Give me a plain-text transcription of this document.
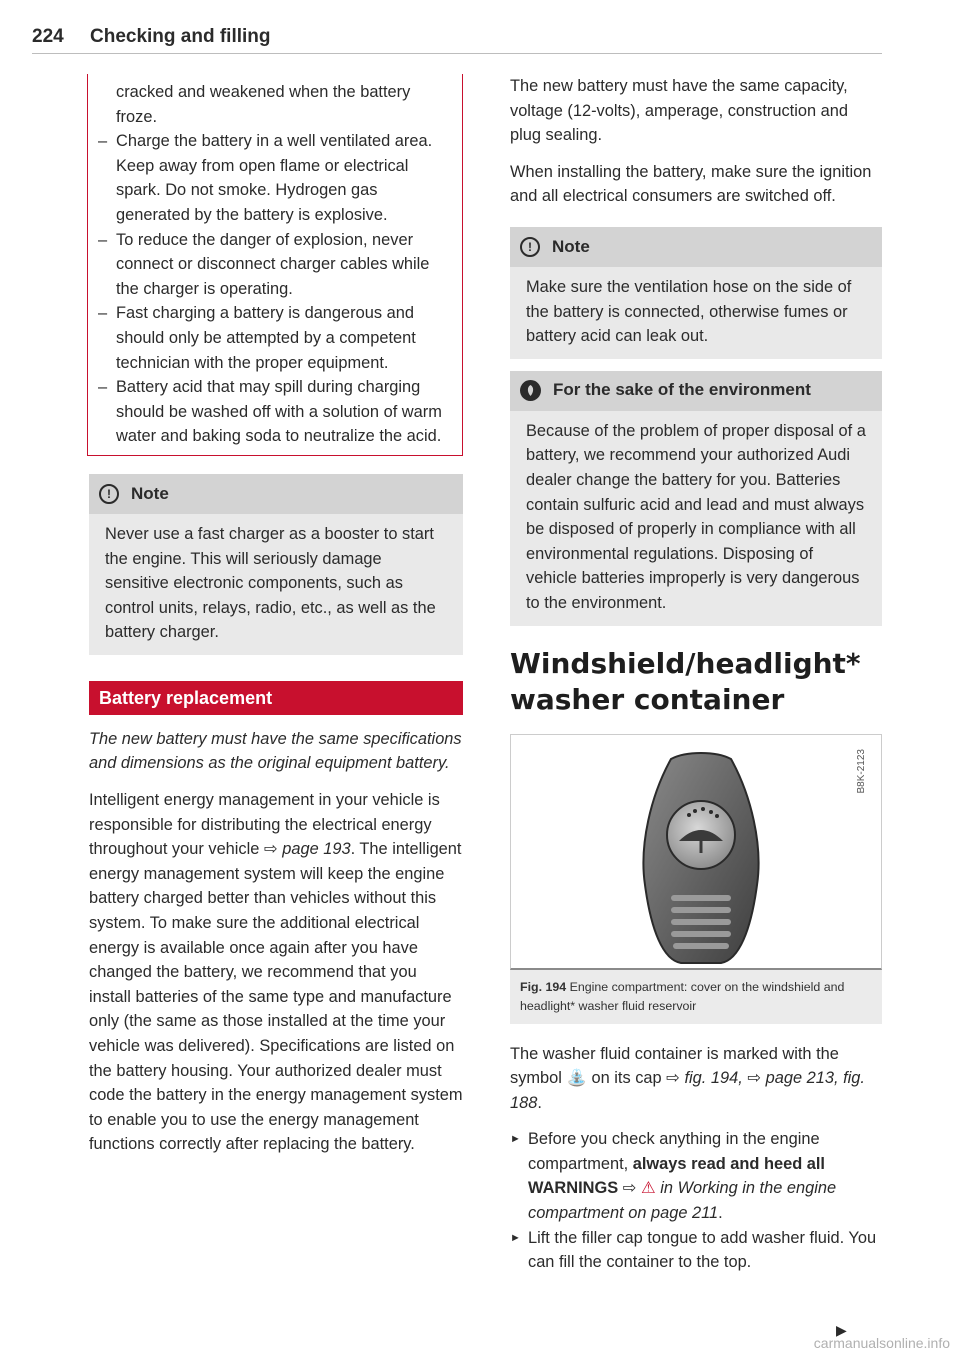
224 Checking and filling

cracked and weakened when the battery froze.

– Charge the battery in a well ventilated area. Keep away from open flame or electrical spark. Do not smoke. Hydrogen gas generated by the battery is explosive.
– To reduce the danger of explosion, never connect or disconnect charger cables while the charger is operating.
– Fast charging a battery is dangerous and should only be attempted by a competent technician with the proper equipment.
– Battery acid that may spill during charging should be washed off with a solution of warm water and baking soda to neutralize the acid.
!	Note

Never use a fast charger as a booster to start the engine. This will seriously damage sensitive electronic components, such as control units, relays, radio, etc., as well as the battery charger.

Battery replacement

The new battery must have the same specifications and dimensions as the original equipment battery.

Intelligent energy management in your vehicle is responsible for distributing the electrical energy throughout your vehicle ⇨ page 193. The intelligent energy management system will keep the engine battery charged better than vehicles without this system. To make sure the additional electrical energy is available once again after you have changed the battery, we recommend that you install batteries of the same type and manufacture only (the same as those installed at the time your vehicle was delivered). Specifications are listed on the battery housing. Your authorized dealer must code the battery in the energy management system to enable you to use the energy management functions correctly after replacing the battery.

The new battery must have the same capacity, voltage (12-volts), amperage, construction and plug sealing.

When installing the battery, make sure the ignition and all electrical consumers are switched off.

!	Note

Make sure the ventilation hose on the side of the battery is connected, otherwise fumes or battery acid can leak out.

For the sake of the environment

Because of the problem of proper disposal of a battery, we recommend your authorized Audi dealer change the battery for you. Batteries contain sulfuric acid and lead and must always be disposed of properly in compliance with all environmental regulations. Disposing of vehicle batteries improperly is very dangerous to the environment.

Windshield/headlight*
washer container
B8K-2123
Fig. 194 Engine compartment: cover on the windshield and headlight* washer fluid reservoir

The washer fluid container is marked with the symbol ⛲ on its cap ⇨ fig. 194, ⇨ page 213, fig. 188.

► Before you check anything in the engine compartment, always read and heed all WARNINGS ⇨ ⚠ in Working in the engine compartment on page 211.
► Lift the filler cap tongue to add washer fluid. You can fill the container to the top.
▶
carmanualsonline.info
